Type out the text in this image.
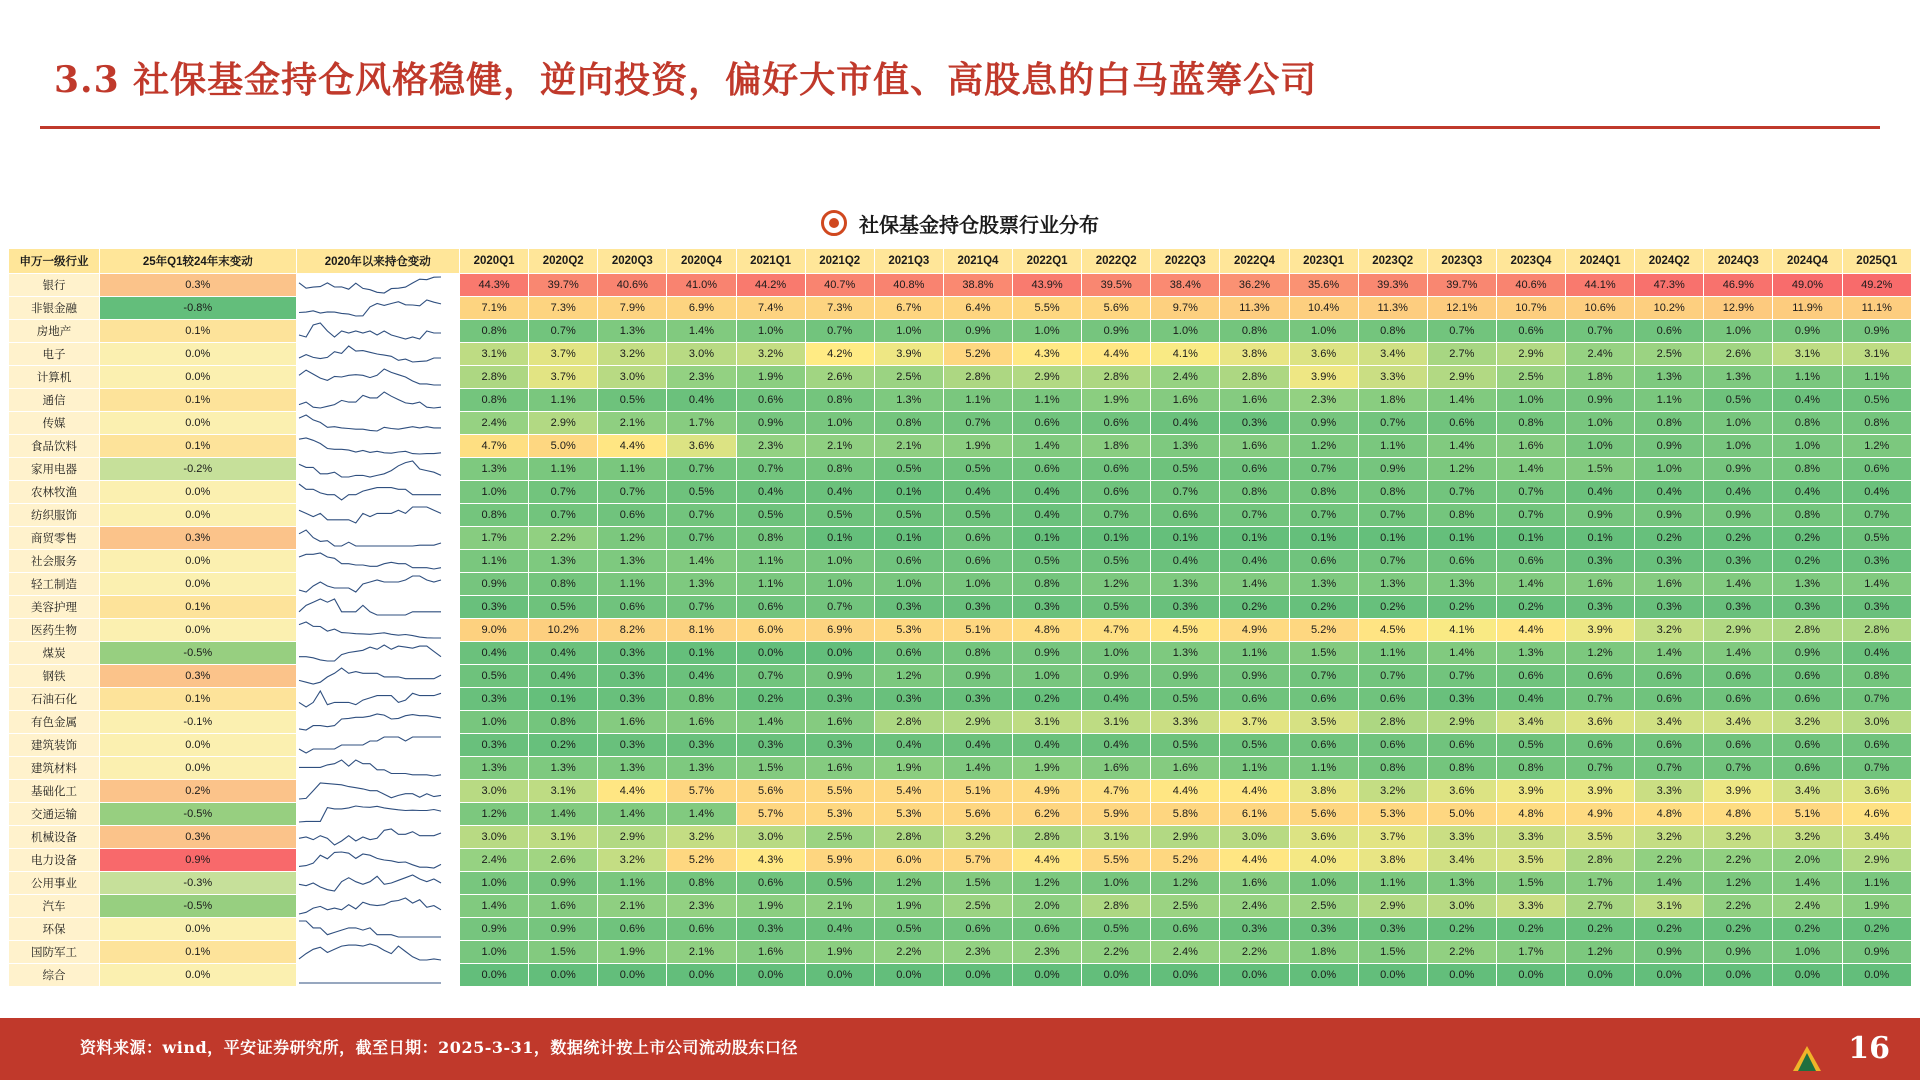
3.3 社保基金持仓风格稳健，逆向投资，偏好大市值、高股息的白马蓝筹公司
社保基金持仓股票行业分布
申万一级行业	25年Q1较24年末变动	2020年以来持仓变动	2020Q1	2020Q2	2020Q3	2020Q4	2021Q1	2021Q2	2021Q3	2021Q4	2022Q1	2022Q2	2022Q3	2022Q4	2023Q1	2023Q2	2023Q3	2023Q4	2024Q1	2024Q2	2024Q3	2024Q4	2025Q1
银行	0.3%		44.3%	39.7%	40.6%	41.0%	44.2%	40.7%	40.8%	38.8%	43.9%	39.5%	38.4%	36.2%	35.6%	39.3%	39.7%	40.6%	44.1%	47.3%	46.9%	49.0%	49.2%
非银金融	-0.8%		7.1%	7.3%	7.9%	6.9%	7.4%	7.3%	6.7%	6.4%	5.5%	5.6%	9.7%	11.3%	10.4%	11.3%	12.1%	10.7%	10.6%	10.2%	12.9%	11.9%	11.1%
房地产	0.1%		0.8%	0.7%	1.3%	1.4%	1.0%	0.7%	1.0%	0.9%	1.0%	0.9%	1.0%	0.8%	1.0%	0.8%	0.7%	0.6%	0.7%	0.6%	1.0%	0.9%	0.9%
电子	0.0%		3.1%	3.7%	3.2%	3.0%	3.2%	4.2%	3.9%	5.2%	4.3%	4.4%	4.1%	3.8%	3.6%	3.4%	2.7%	2.9%	2.4%	2.5%	2.6%	3.1%	3.1%
计算机	0.0%		2.8%	3.7%	3.0%	2.3%	1.9%	2.6%	2.5%	2.8%	2.9%	2.8%	2.4%	2.8%	3.9%	3.3%	2.9%	2.5%	1.8%	1.3%	1.3%	1.1%	1.1%
通信	0.1%		0.8%	1.1%	0.5%	0.4%	0.6%	0.8%	1.3%	1.1%	1.1%	1.9%	1.6%	1.6%	2.3%	1.8%	1.4%	1.0%	0.9%	1.1%	0.5%	0.4%	0.5%
传媒	0.0%		2.4%	2.9%	2.1%	1.7%	0.9%	1.0%	0.8%	0.7%	0.6%	0.6%	0.4%	0.3%	0.9%	0.7%	0.6%	0.8%	1.0%	0.8%	1.0%	0.8%	0.8%
食品饮料	0.1%		4.7%	5.0%	4.4%	3.6%	2.3%	2.1%	2.1%	1.9%	1.4%	1.8%	1.3%	1.6%	1.2%	1.1%	1.4%	1.6%	1.0%	0.9%	1.0%	1.0%	1.2%
家用电器	-0.2%		1.3%	1.1%	1.1%	0.7%	0.7%	0.8%	0.5%	0.5%	0.6%	0.6%	0.5%	0.6%	0.7%	0.9%	1.2%	1.4%	1.5%	1.0%	0.9%	0.8%	0.6%
农林牧渔	0.0%		1.0%	0.7%	0.7%	0.5%	0.4%	0.4%	0.1%	0.4%	0.4%	0.6%	0.7%	0.8%	0.8%	0.8%	0.7%	0.7%	0.4%	0.4%	0.4%	0.4%	0.4%
纺织服饰	0.0%		0.8%	0.7%	0.6%	0.7%	0.5%	0.5%	0.5%	0.5%	0.4%	0.7%	0.6%	0.7%	0.7%	0.7%	0.8%	0.7%	0.9%	0.9%	0.9%	0.8%	0.7%
商贸零售	0.3%		1.7%	2.2%	1.2%	0.7%	0.8%	0.1%	0.1%	0.6%	0.1%	0.1%	0.1%	0.1%	0.1%	0.1%	0.1%	0.1%	0.1%	0.2%	0.2%	0.2%	0.5%
社会服务	0.0%		1.1%	1.3%	1.3%	1.4%	1.1%	1.0%	0.6%	0.6%	0.5%	0.5%	0.4%	0.4%	0.6%	0.7%	0.6%	0.6%	0.3%	0.3%	0.3%	0.2%	0.3%
轻工制造	0.0%		0.9%	0.8%	1.1%	1.3%	1.1%	1.0%	1.0%	1.0%	0.8%	1.2%	1.3%	1.4%	1.3%	1.3%	1.3%	1.4%	1.6%	1.6%	1.4%	1.3%	1.4%
美容护理	0.1%		0.3%	0.5%	0.6%	0.7%	0.6%	0.7%	0.3%	0.3%	0.3%	0.5%	0.3%	0.2%	0.2%	0.2%	0.2%	0.2%	0.3%	0.3%	0.3%	0.3%	0.3%
医药生物	0.0%		9.0%	10.2%	8.2%	8.1%	6.0%	6.9%	5.3%	5.1%	4.8%	4.7%	4.5%	4.9%	5.2%	4.5%	4.1%	4.4%	3.9%	3.2%	2.9%	2.8%	2.8%
煤炭	-0.5%		0.4%	0.4%	0.3%	0.1%	0.0%	0.0%	0.6%	0.8%	0.9%	1.0%	1.3%	1.1%	1.5%	1.1%	1.4%	1.3%	1.2%	1.4%	1.4%	0.9%	0.4%
钢铁	0.3%		0.5%	0.4%	0.3%	0.4%	0.7%	0.9%	1.2%	0.9%	1.0%	0.9%	0.9%	0.9%	0.7%	0.7%	0.7%	0.6%	0.6%	0.6%	0.6%	0.6%	0.8%
石油石化	0.1%		0.3%	0.1%	0.3%	0.8%	0.2%	0.3%	0.3%	0.3%	0.2%	0.4%	0.5%	0.6%	0.6%	0.6%	0.3%	0.4%	0.7%	0.6%	0.6%	0.6%	0.7%
有色金属	-0.1%		1.0%	0.8%	1.6%	1.6%	1.4%	1.6%	2.8%	2.9%	3.1%	3.1%	3.3%	3.7%	3.5%	2.8%	2.9%	3.4%	3.6%	3.4%	3.4%	3.2%	3.0%
建筑装饰	0.0%		0.3%	0.2%	0.3%	0.3%	0.3%	0.3%	0.4%	0.4%	0.4%	0.4%	0.5%	0.5%	0.6%	0.6%	0.6%	0.5%	0.6%	0.6%	0.6%	0.6%	0.6%
建筑材料	0.0%		1.3%	1.3%	1.3%	1.3%	1.5%	1.6%	1.9%	1.4%	1.9%	1.6%	1.6%	1.1%	1.1%	0.8%	0.8%	0.8%	0.7%	0.7%	0.7%	0.6%	0.7%
基础化工	0.2%		3.0%	3.1%	4.4%	5.7%	5.6%	5.5%	5.4%	5.1%	4.9%	4.7%	4.4%	4.4%	3.8%	3.2%	3.6%	3.9%	3.9%	3.3%	3.9%	3.4%	3.6%
交通运输	-0.5%		1.2%	1.4%	1.4%	1.4%	5.7%	5.3%	5.3%	5.6%	6.2%	5.9%	5.8%	6.1%	5.6%	5.3%	5.0%	4.8%	4.9%	4.8%	4.8%	5.1%	4.6%
机械设备	0.3%		3.0%	3.1%	2.9%	3.2%	3.0%	2.5%	2.8%	3.2%	2.8%	3.1%	2.9%	3.0%	3.6%	3.7%	3.3%	3.3%	3.5%	3.2%	3.2%	3.2%	3.4%
电力设备	0.9%		2.4%	2.6%	3.2%	5.2%	4.3%	5.9%	6.0%	5.7%	4.4%	5.5%	5.2%	4.4%	4.0%	3.8%	3.4%	3.5%	2.8%	2.2%	2.2%	2.0%	2.9%
公用事业	-0.3%		1.0%	0.9%	1.1%	0.8%	0.6%	0.5%	1.2%	1.5%	1.2%	1.0%	1.2%	1.6%	1.0%	1.1%	1.3%	1.5%	1.7%	1.4%	1.2%	1.4%	1.1%
汽车	-0.5%		1.4%	1.6%	2.1%	2.3%	1.9%	2.1%	1.9%	2.5%	2.0%	2.8%	2.5%	2.4%	2.5%	2.9%	3.0%	3.3%	2.7%	3.1%	2.2%	2.4%	1.9%
环保	0.0%		0.9%	0.9%	0.6%	0.6%	0.3%	0.4%	0.5%	0.6%	0.6%	0.5%	0.6%	0.3%	0.3%	0.3%	0.2%	0.2%	0.2%	0.2%	0.2%	0.2%	0.2%
国防军工	0.1%		1.0%	1.5%	1.9%	2.1%	1.6%	1.9%	2.2%	2.3%	2.3%	2.2%	2.4%	2.2%	1.8%	1.5%	2.2%	1.7%	1.2%	0.9%	0.9%	1.0%	0.9%
综合	0.0%		0.0%	0.0%	0.0%	0.0%	0.0%	0.0%	0.0%	0.0%	0.0%	0.0%	0.0%	0.0%	0.0%	0.0%	0.0%	0.0%	0.0%	0.0%	0.0%	0.0%	0.0%
资料来源：wind，平安证券研究所，截至日期：2025-3-31，数据统计按上市公司流动股东口径	16
